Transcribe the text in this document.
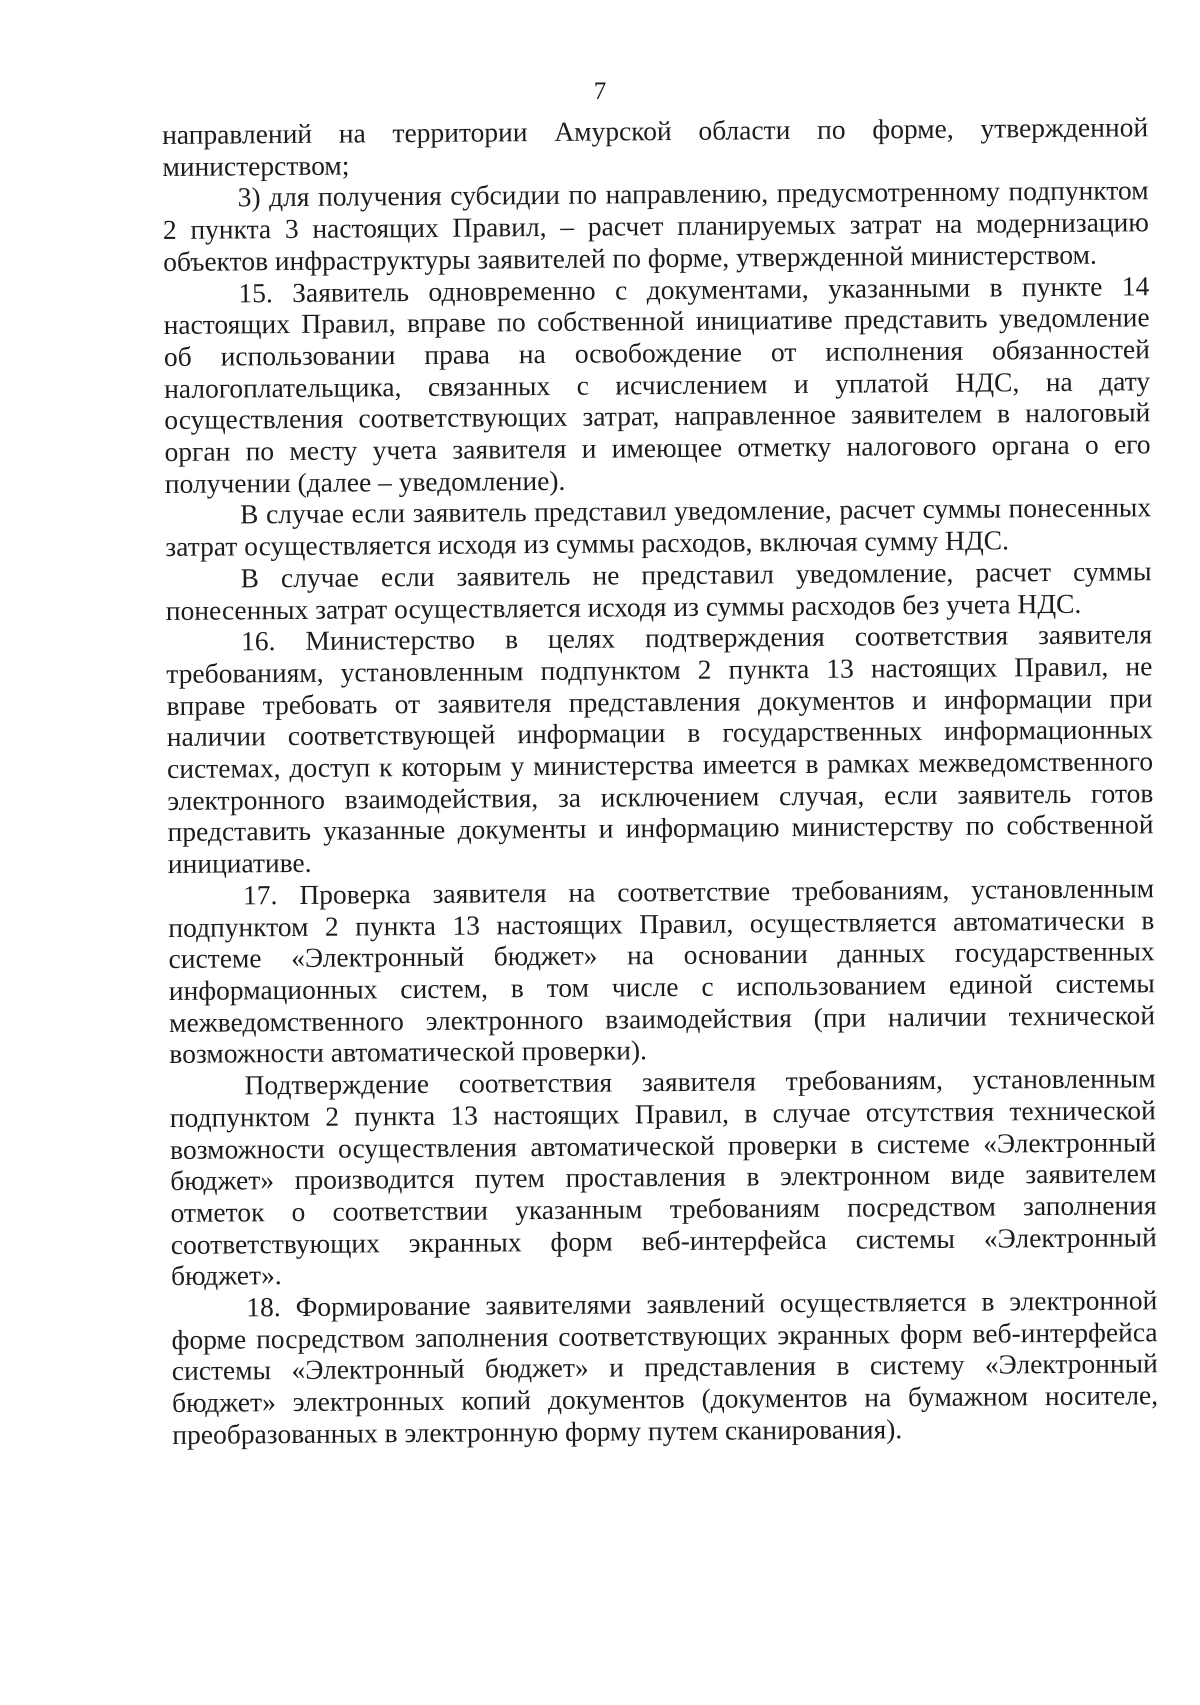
7

направлений на территории Амурской области по форме, утвержденной министерством;

3) для получения субсидии по направлению, предусмотренному подпунктом 2 пункта 3 настоящих Правил, – расчет планируемых затрат на модернизацию объектов инфраструктуры заявителей по форме, утвержденной министерством.

15. Заявитель одновременно с документами, указанными в пункте 14 настоящих Правил, вправе по собственной инициативе представить уведомление об использовании права на освобождение от исполнения обязанностей налогоплательщика, связанных с исчислением и уплатой НДС, на дату осуществления соответствующих затрат, направленное заявителем в налоговый орган по месту учета заявителя и имеющее отметку налогового органа о его получении (далее – уведомление).

В случае если заявитель представил уведомление, расчет суммы понесенных затрат осуществляется исходя из суммы расходов, включая сумму НДС.

В случае если заявитель не представил уведомление, расчет суммы понесенных затрат осуществляется исходя из суммы расходов без учета НДС.

16. Министерство в целях подтверждения соответствия заявителя требованиям, установленным подпунктом 2 пункта 13 настоящих Правил, не вправе требовать от заявителя представления документов и информации при наличии соответствующей информации в государственных информационных системах, доступ к которым у министерства имеется в рамках межведомственного электронного взаимодействия, за исключением случая, если заявитель готов представить указанные документы и информацию министерству по собственной инициативе.

17. Проверка заявителя на соответствие требованиям, установленным подпунктом 2 пункта 13 настоящих Правил, осуществляется автоматически в системе «Электронный бюджет» на основании данных государственных информационных систем, в том числе с использованием единой системы межведомственного электронного взаимодействия (при наличии технической возможности автоматической проверки).

Подтверждение соответствия заявителя требованиям, установленным подпунктом 2 пункта 13 настоящих Правил, в случае отсутствия технической возможности осуществления автоматической проверки в системе «Электронный бюджет» производится путем проставления в электронном виде заявителем отметок о соответствии указанным требованиям посредством заполнения соответствующих экранных форм веб-интерфейса системы «Электронный бюджет».

18. Формирование заявителями заявлений осуществляется в электронной форме посредством заполнения соответствующих экранных форм веб-интерфейса системы «Электронный бюджет» и представления в систему «Электронный бюджет» электронных копий документов (документов на бумажном носителе, преобразованных в электронную форму путем сканирования).
